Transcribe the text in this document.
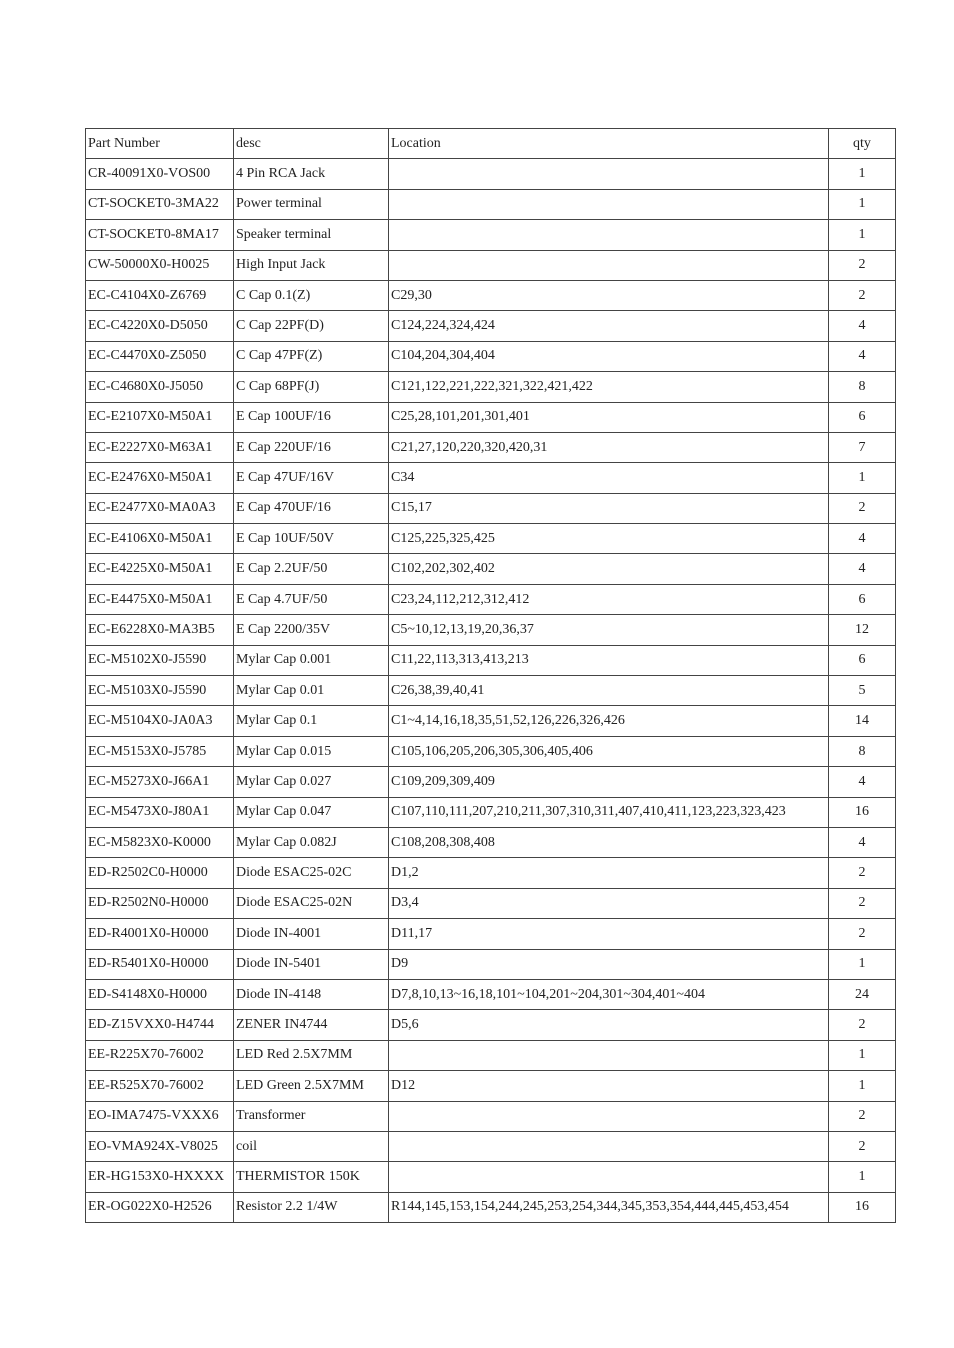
Part Number	desc	Location	qty
CR-40091X0-VOS00	4 Pin RCA Jack		1
CT-SOCKET0-3MA22	Power terminal		1
CT-SOCKET0-8MA17	Speaker terminal		1
CW-50000X0-H0025	High Input Jack		2
EC-C4104X0-Z6769	C Cap 0.1(Z)	C29,30	2
EC-C4220X0-D5050	C Cap 22PF(D)	C124,224,324,424	4
EC-C4470X0-Z5050	C Cap 47PF(Z)	C104,204,304,404	4
EC-C4680X0-J5050	C Cap 68PF(J)	C121,122,221,222,321,322,421,422	8
EC-E2107X0-M50A1	E Cap 100UF/16	C25,28,101,201,301,401	6
EC-E2227X0-M63A1	E Cap 220UF/16	C21,27,120,220,320,420,31	7
EC-E2476X0-M50A1	E Cap 47UF/16V	C34	1
EC-E2477X0-MA0A3	E Cap 470UF/16	C15,17	2
EC-E4106X0-M50A1	E Cap 10UF/50V	C125,225,325,425	4
EC-E4225X0-M50A1	E Cap 2.2UF/50	C102,202,302,402	4
EC-E4475X0-M50A1	E Cap 4.7UF/50	C23,24,112,212,312,412	6
EC-E6228X0-MA3B5	E Cap 2200/35V	C5~10,12,13,19,20,36,37	12
EC-M5102X0-J5590	Mylar Cap 0.001	C11,22,113,313,413,213	6
EC-M5103X0-J5590	Mylar Cap 0.01	C26,38,39,40,41	5
EC-M5104X0-JA0A3	Mylar Cap 0.1	C1~4,14,16,18,35,51,52,126,226,326,426	14
EC-M5153X0-J5785	Mylar Cap 0.015	C105,106,205,206,305,306,405,406	8
EC-M5273X0-J66A1	Mylar Cap 0.027	C109,209,309,409	4
EC-M5473X0-J80A1	Mylar Cap 0.047	C107,110,111,207,210,211,307,310,311,407,410,411,123,223,323,423	16
EC-M5823X0-K0000	Mylar Cap 0.082J	C108,208,308,408	4
ED-R2502C0-H0000	Diode ESAC25-02C	D1,2	2
ED-R2502N0-H0000	Diode ESAC25-02N	D3,4	2
ED-R4001X0-H0000	Diode IN-4001	D11,17	2
ED-R5401X0-H0000	Diode IN-5401	D9	1
ED-S4148X0-H0000	Diode IN-4148	D7,8,10,13~16,18,101~104,201~204,301~304,401~404	24
ED-Z15VXX0-H4744	ZENER IN4744	D5,6	2
EE-R225X70-76002	LED Red 2.5X7MM		1
EE-R525X70-76002	LED Green 2.5X7MM	D12	1
EO-IMA7475-VXXX6	Transformer		2
EO-VMA924X-V8025	coil		2
ER-HG153X0-HXXXX	THERMISTOR 150K		1
ER-OG022X0-H2526	Resistor 2.2 1/4W	R144,145,153,154,244,245,253,254,344,345,353,354,444,445,453,454	16
